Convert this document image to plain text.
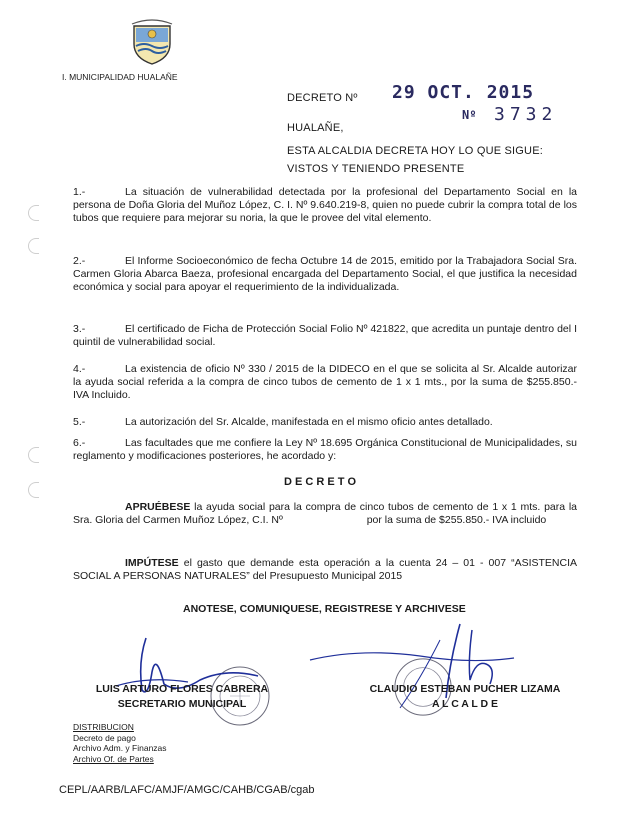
I. MUNICIPALIDAD HUALAÑE
DECRETO Nº 29 OCT. 2015
Nº 3732
HUALAÑE,
ESTA ALCALDIA DECRETA HOY LO QUE SIGUE:
VISTOS Y TENIENDO PRESENTE
1.-	La situación de vulnerabilidad detectada por la profesional del Departamento Social en la persona de Doña Gloria del Muñoz López, C. I. Nº 9.640.219-8, quien no puede cubrir la compra total de los tubos que requiere para mejorar su noria, la que le provee del vital elemento.
2.-	El Informe Socioeconómico de fecha Octubre 14 de 2015, emitido por la Trabajadora Social Sra. Carmen Gloria Abarca Baeza, profesional encargada del Departamento Social, el que justifica la necesidad económica y social para apoyar el requerimiento de la individualizada.
3.-	El certificado de Ficha de Protección Social Folio Nº 421822, que acredita un puntaje dentro del I quintil de vulnerabilidad social.
4.-	La existencia de oficio Nº 330 / 2015 de la DIDECO en el que se solicita al Sr. Alcalde autorizar la ayuda social referida a la compra de cinco tubos de cemento de 1 x 1 mts., por la suma de $255.850.- IVA Incluido.
5.-	La autorización del Sr. Alcalde, manifestada en el mismo oficio antes detallado.
6.-	Las facultades que me confiere la Ley Nº 18.695 Orgánica Constitucional de Municipalidades, su reglamento y modificaciones posteriores, he acordado y:
D E C R E T O
APRUÉBESE la ayuda social para la compra de cinco tubos de cemento de 1 x 1 mts. para la Sra. Gloria del Carmen Muñoz López, C.I. Nº	por la suma de $255.850.- IVA incluido
IMPÚTESE el gasto que demande esta operación a la cuenta 24 – 01 - 007 “ASISTENCIA SOCIAL A PERSONAS NATURALES” del Presupuesto Municipal 2015
ANOTESE, COMUNIQUESE, REGISTRESE Y ARCHIVESE
LUIS ARTURO FLORES CABRERA
SECRETARIO MUNICIPAL
CLAUDIO ESTEBAN PUCHER LIZAMA
A L C A L D E
DISTRIBUCION
Decreto de pago
Archivo Adm. y Finanzas
Archivo Of. de Partes
CEPL/AARB/LAFC/AMJF/AMGC/CAHB/CGAB/cgab
